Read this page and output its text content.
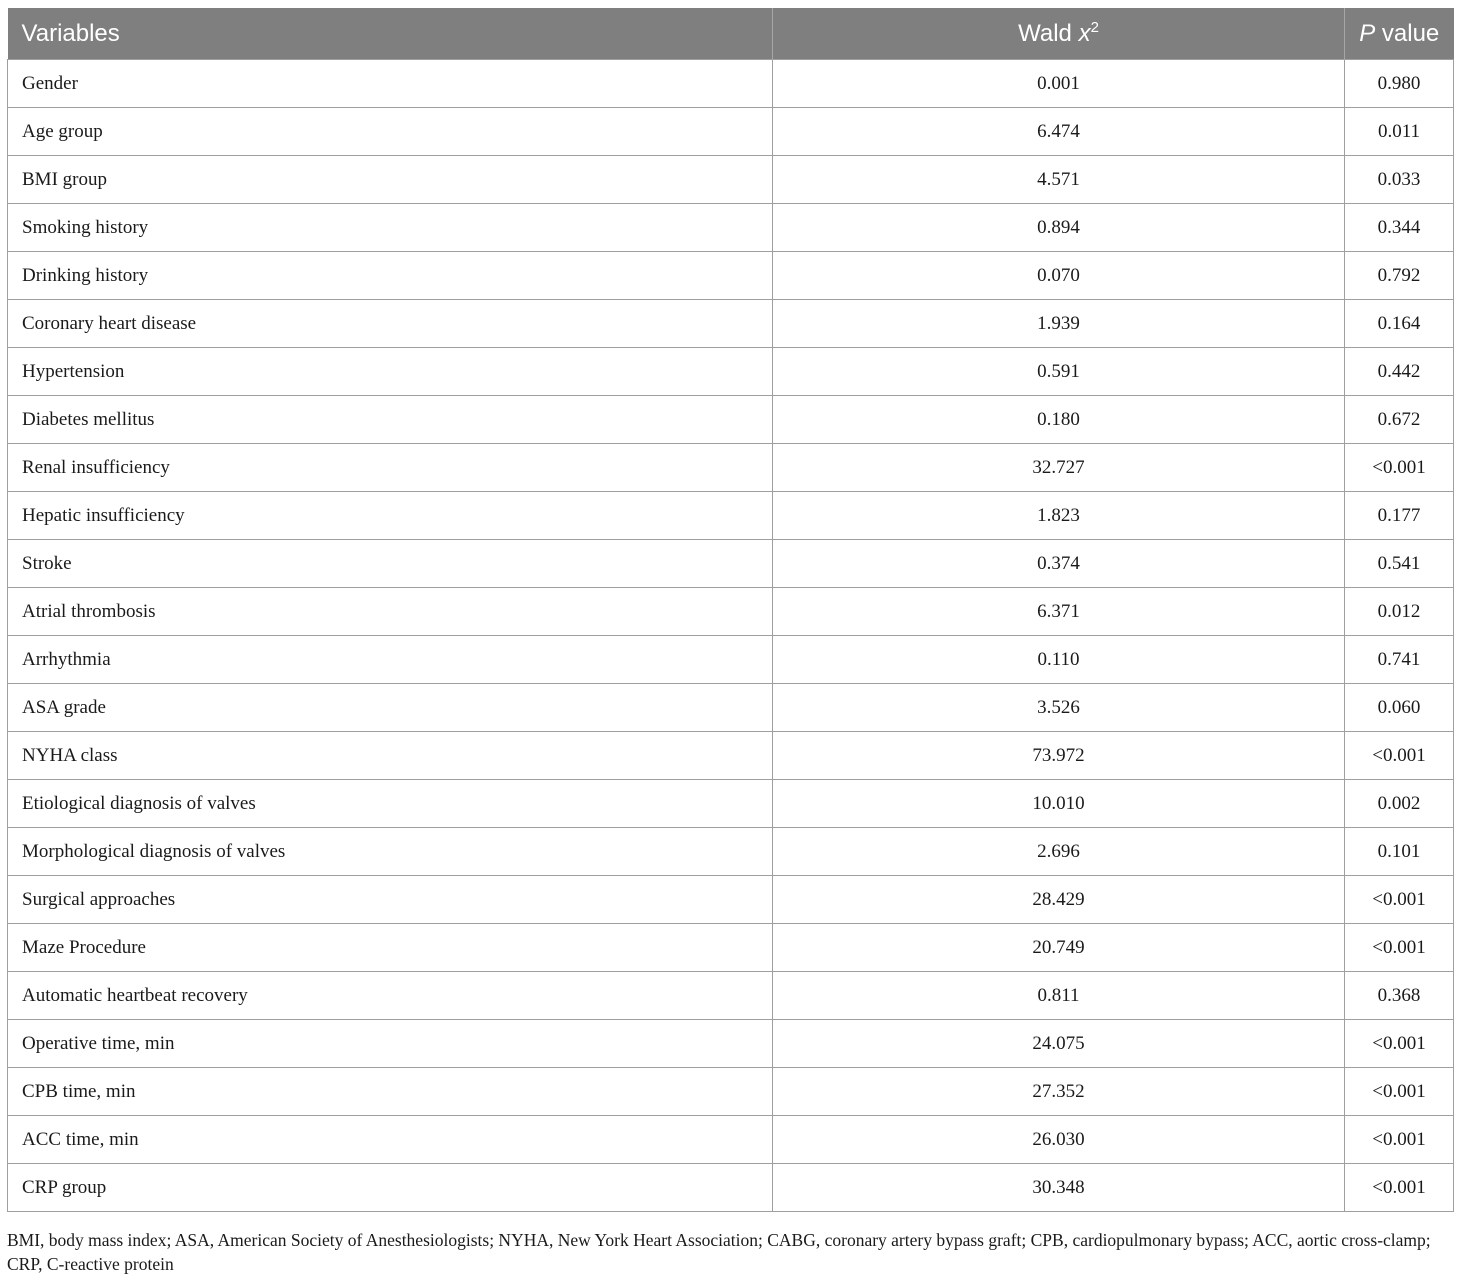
Variables	Wald $x^2$	P value
Gender	0.001	0.980
Age group	6.474	0.011
BMI group	4.571	0.033
Smoking history	0.894	0.344
Drinking history	0.070	0.792
Coronary heart disease	1.939	0.164
Hypertension	0.591	0.442
Diabetes mellitus	0.180	0.672
Renal insufficiency	32.727	<0.001
Hepatic insufficiency	1.823	0.177
Stroke	0.374	0.541
Atrial thrombosis	6.371	0.012
Arrhythmia	0.110	0.741
ASA grade	3.526	0.060
NYHA class	73.972	<0.001
Etiological diagnosis of valves	10.010	0.002
Morphological diagnosis of valves	2.696	0.101
Surgical approaches	28.429	<0.001
Maze Procedure	20.749	<0.001
Automatic heartbeat recovery	0.811	0.368
Operative time, min	24.075	<0.001
CPB time, min	27.352	<0.001
ACC time, min	26.030	<0.001
CRP group	30.348	<0.001
BMI, body mass index; ASA, American Society of Anesthesiologists; NYHA, New York Heart Association; CABG, coronary artery bypass graft; CPB, cardiopulmonary bypass; ACC, aortic cross-clamp; CRP, C-reactive protein
